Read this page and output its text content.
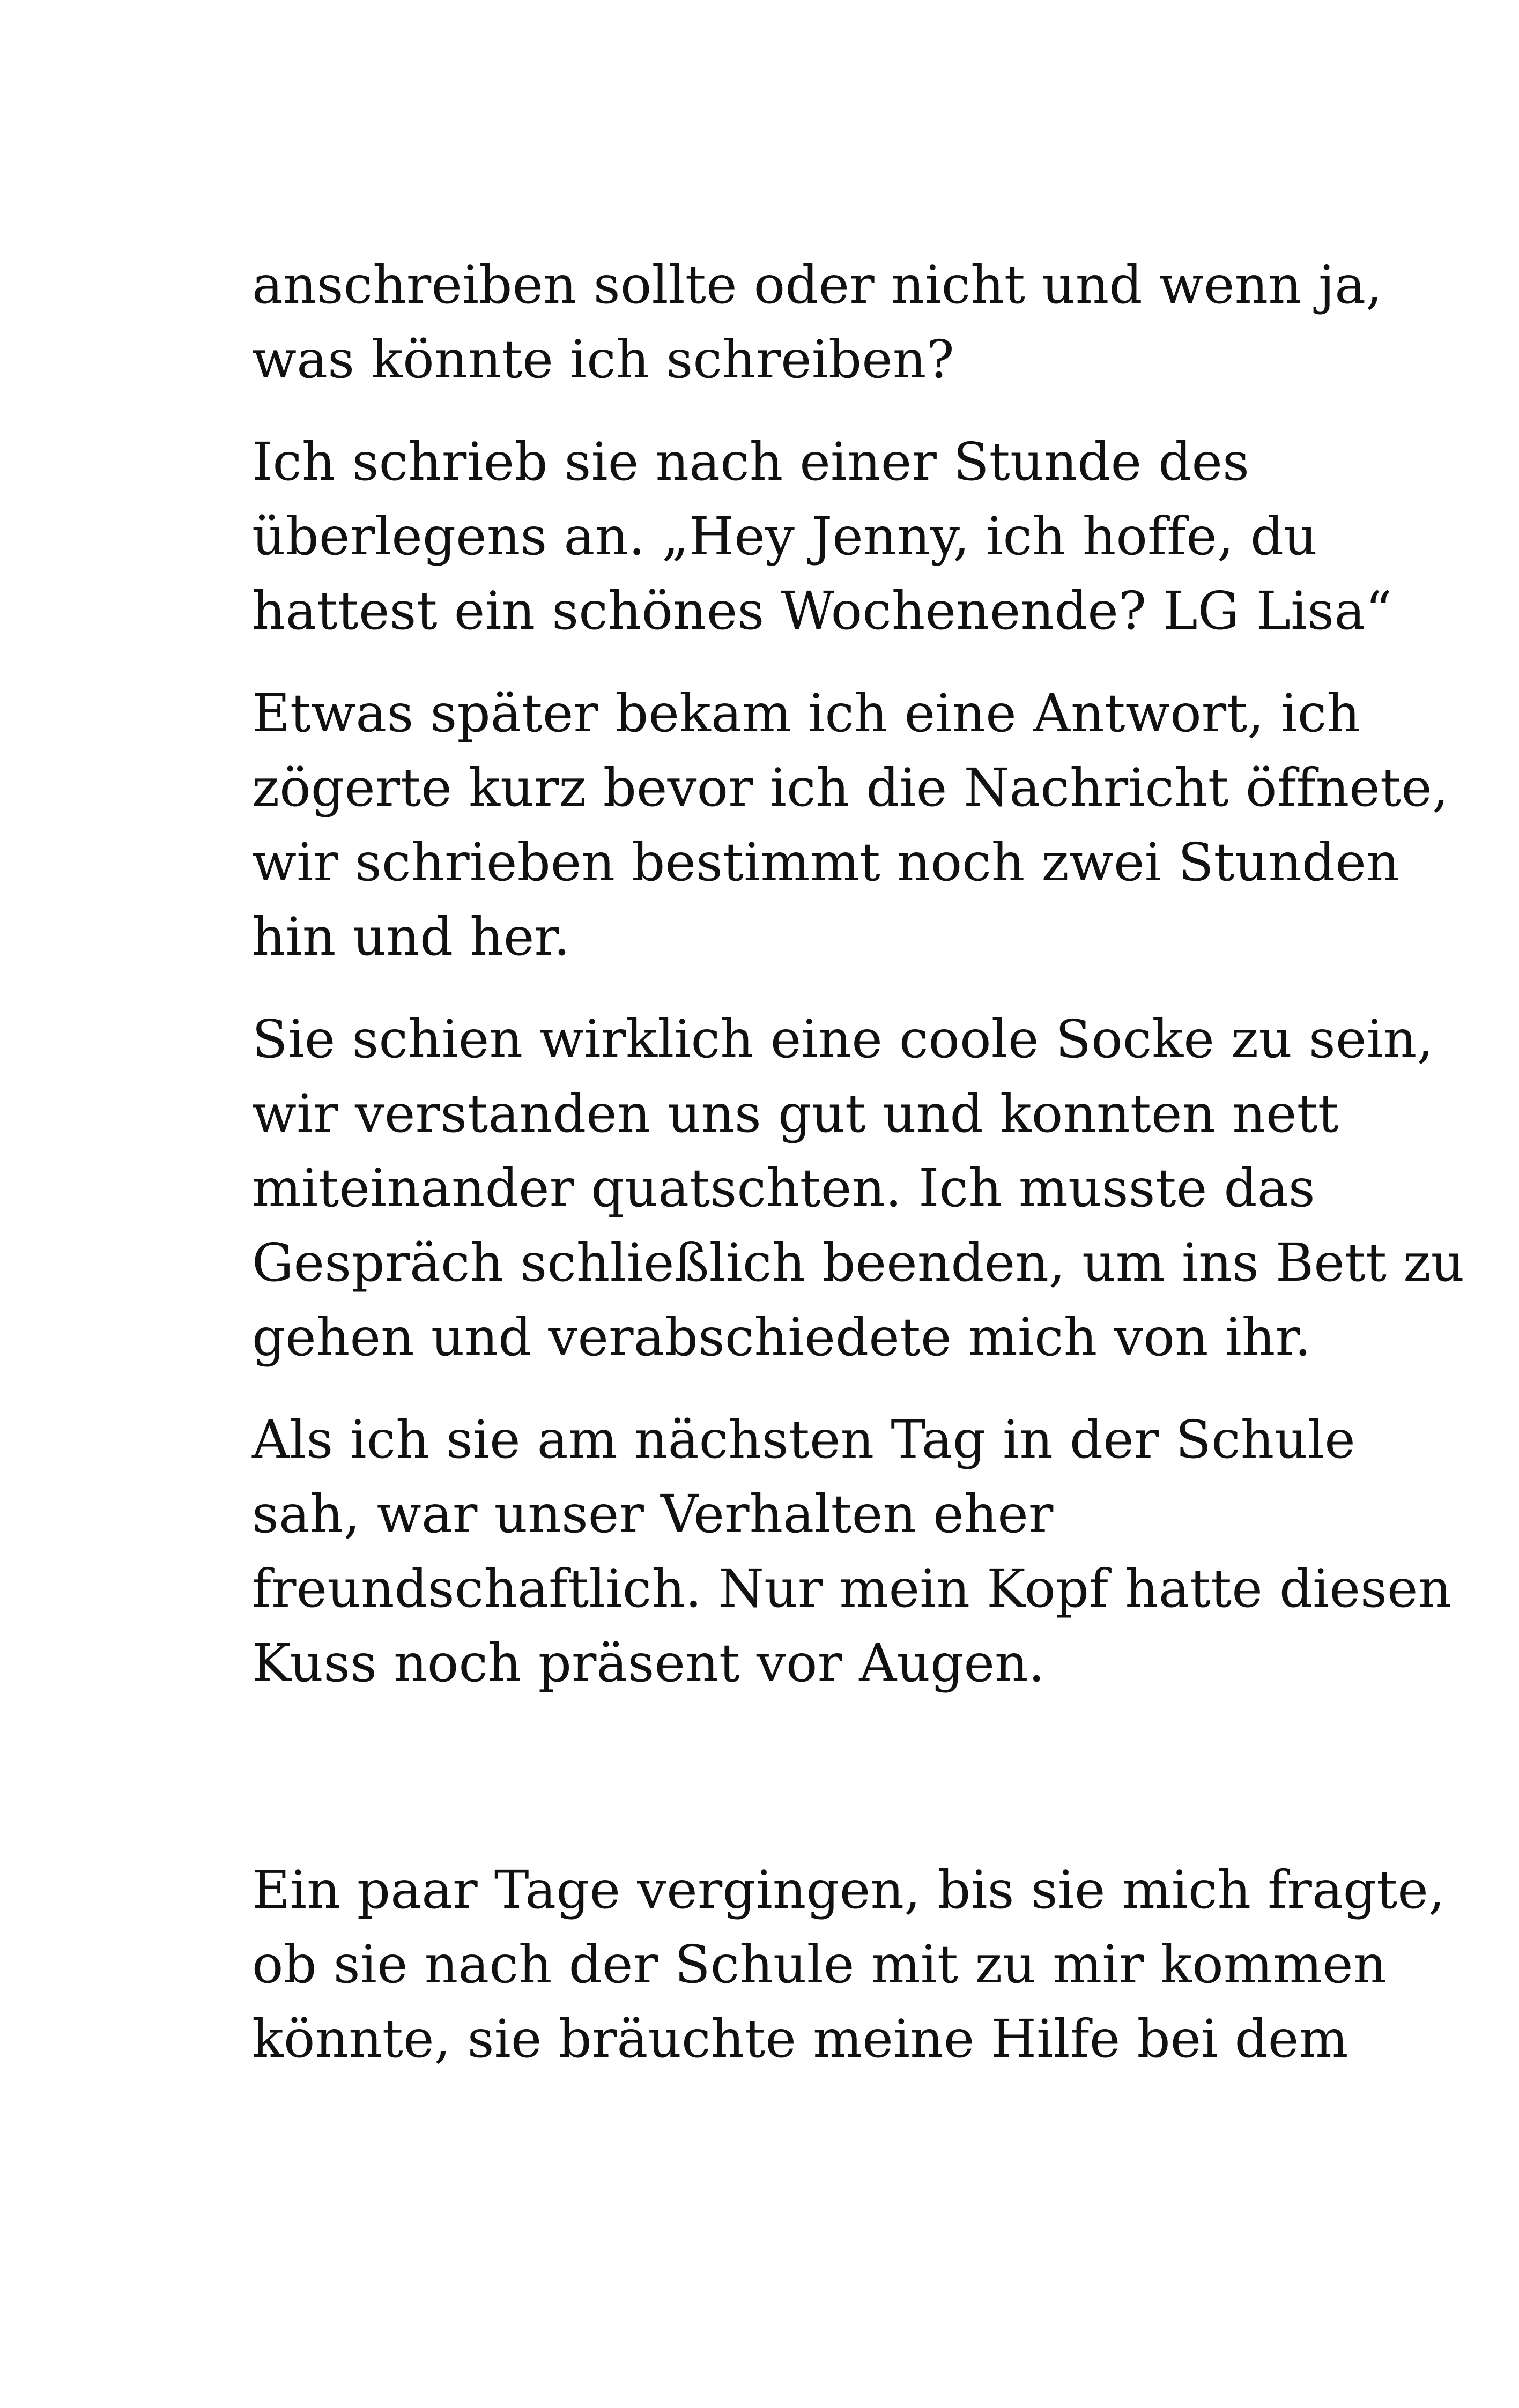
anschreiben sollte oder nicht und wenn ja,
was könnte ich schreiben?

Ich schrieb sie nach einer Stunde des
überlegens an. „Hey Jenny, ich hoffe, du
hattest ein schönes Wochenende? LG Lisa“

Etwas später bekam ich eine Antwort, ich
zögerte kurz bevor ich die Nachricht öffnete,
wir schrieben bestimmt noch zwei Stunden
hin und her.

Sie schien wirklich eine coole Socke zu sein,
wir verstanden uns gut und konnten nett
miteinander quatschten. Ich musste das
Gespräch schließlich beenden, um ins Bett zu
gehen und verabschiedete mich von ihr.

Als ich sie am nächsten Tag in der Schule
sah, war unser Verhalten eher
freundschaftlich. Nur mein Kopf hatte diesen
Kuss noch präsent vor Augen.

Ein paar Tage vergingen, bis sie mich fragte,
ob sie nach der Schule mit zu mir kommen
könnte, sie bräuchte meine Hilfe bei dem
